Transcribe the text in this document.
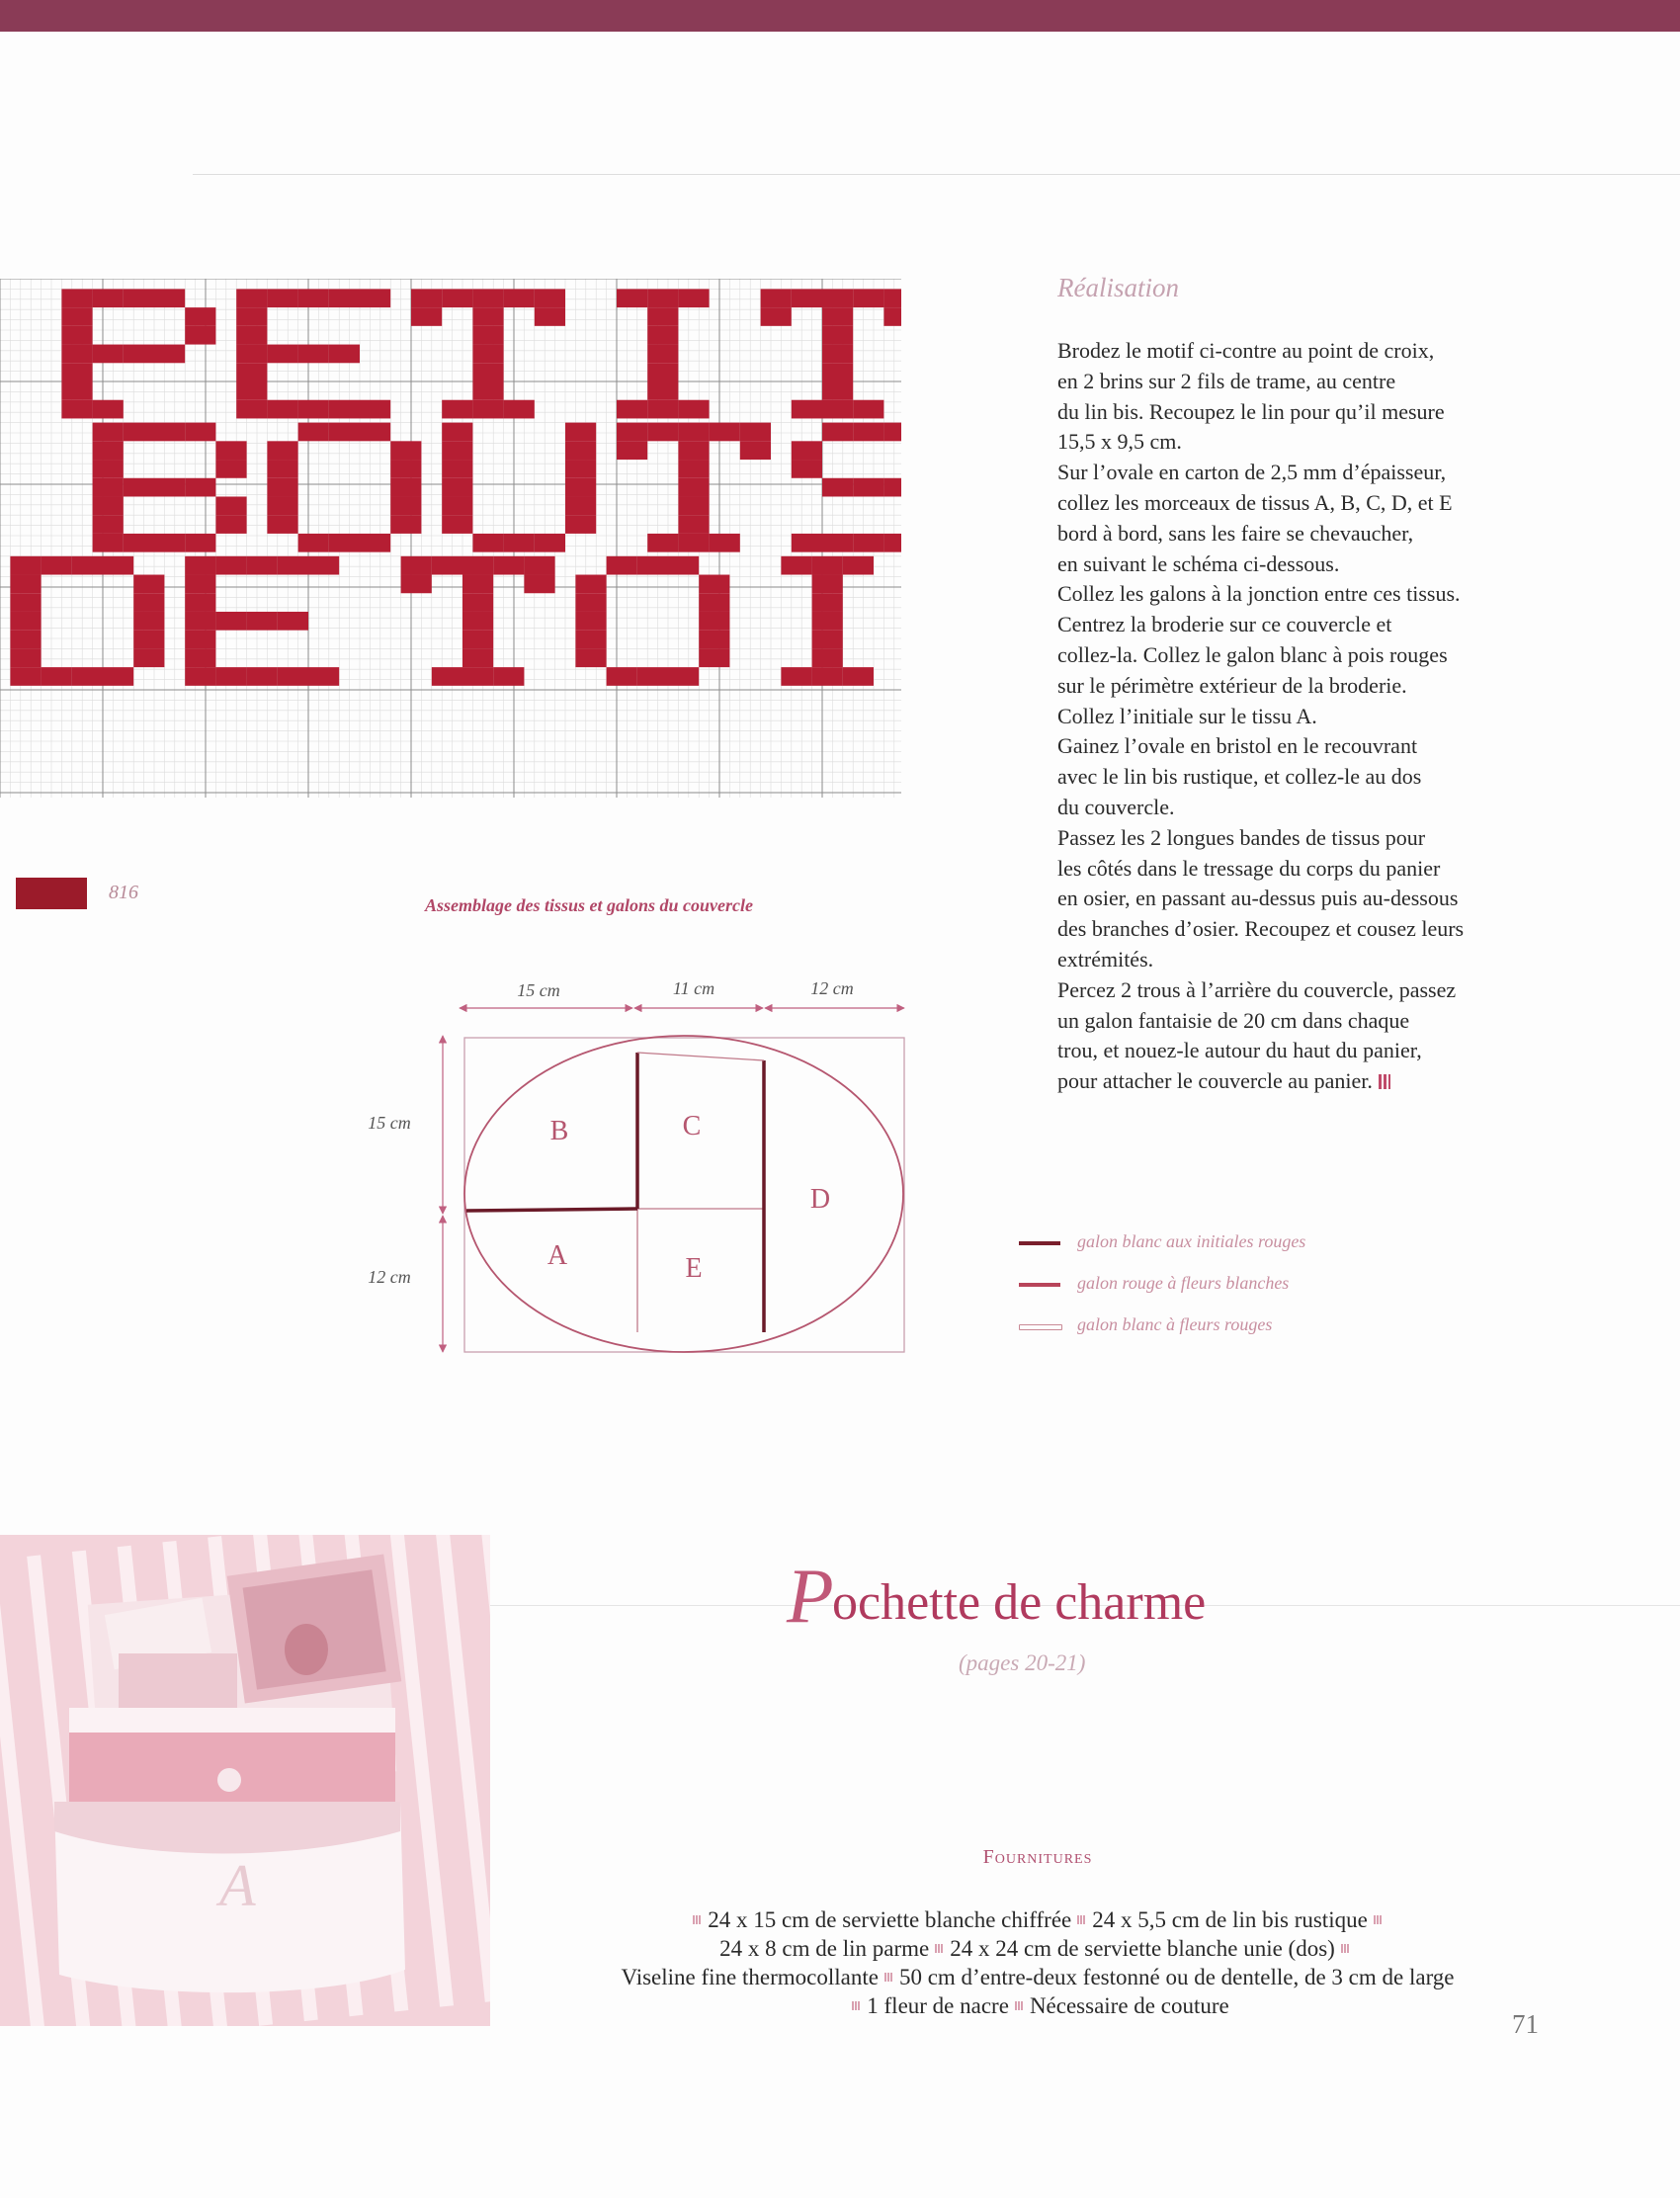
816
Assemblage des tissus et galons du couvercle
15 cm	11 cm	12 cm
15 cm
12 cm
B	C
D
A	E
Réalisation

Brodez le motif ci-contre au point de croix,

en 2 brins sur 2 fils de trame, au centre

du lin bis. Recoupez le lin pour qu’il mesure

15,5 x 9,5 cm.

Sur l’ovale en carton de 2,5 mm d’épaisseur,

collez les morceaux de tissus A, B, C, D, et E

bord à bord, sans les faire se chevaucher,

en suivant le schéma ci-dessous.

Collez les galons à la jonction entre ces tissus.

Centrez la broderie sur ce couvercle et

collez-la. Collez le galon blanc à pois rouges

sur le périmètre extérieur de la broderie.

Collez l’initiale sur le tissu A.

Gainez l’ovale en bristol en le recouvrant

avec le lin bis rustique, et collez-le au dos

du couvercle.

Passez les 2 longues bandes de tissus pour

les côtés dans le tressage du corps du panier

en osier, en passant au-dessus puis au-dessous

des branches d’osier. Recoupez et cousez leurs

extrémités.

Percez 2 trous à l’arrière du couvercle, passez

un galon fantaisie de 20 cm dans chaque

trou, et nouez-le autour du haut du panier,

pour attacher le couvercle au panier.

galon blanc aux initiales rouges
galon rouge à fleurs blanches
galon blanc à fleurs rouges
A
P
ochette de charme
(pages 20-21)
Fournitures
24 x 15 cm de serviette blanche chiffrée 24 x 5,5 cm de lin bis rustique
24 x 8 cm de lin parme 24 x 24 cm de serviette blanche unie (dos)
Viseline fine thermocollante 50 cm d’entre-deux festonné ou de dentelle, de 3 cm de large1 fleur de nacre Nécessaire de couture
71
